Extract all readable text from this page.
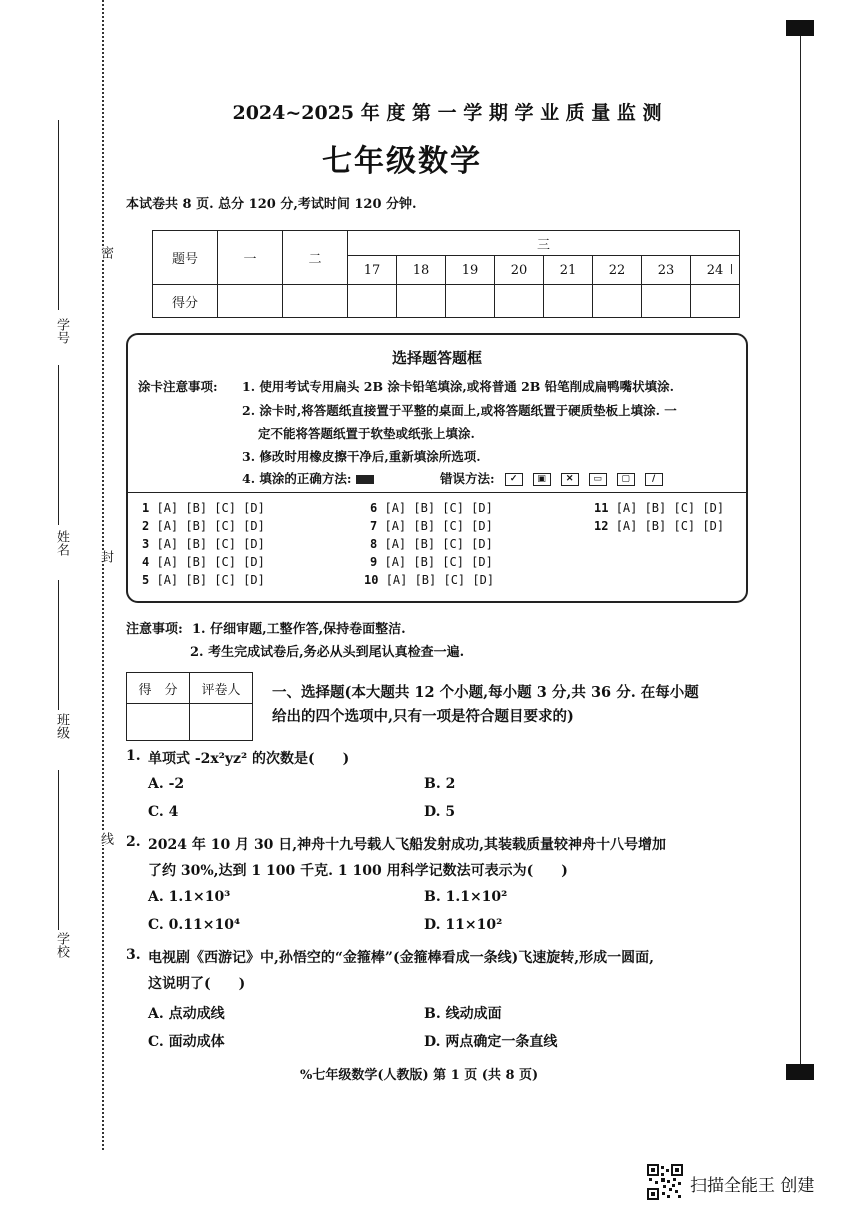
密
封
线
学号
姓名
班级
学校
2024~2025 年 度 第 一 学 期 学 业 质 量 监 测
七年级数学
本试卷共 8 页. 总分 120 分,考试时间 120 分钟.
题号	一	二	三							
			17	18	19	20	21	22	23	24
得分										
选择题答题框
涂卡注意事项: 1. 使用考试专用扁头 2B 涂卡铅笔填涂,或将普通 2B 铅笔削成扁鸭嘴状填涂.
2. 涂卡时,将答题纸直接置于平整的桌面上,或将答题纸置于硬质垫板上填涂. 一
定不能将答题纸置于软垫或纸张上填涂.
3. 修改时用橡皮擦干净后,重新填涂所选项.
4. 填涂的正确方法:	错误方法: ✓ ▣ ✕ ▭ ▢ ∕
1 [A] [B] [C] [D]
2 [A] [B] [C] [D]
3 [A] [B] [C] [D]
4 [A] [B] [C] [D]
5 [A] [B] [C] [D]
6 [A] [B] [C] [D]
7 [A] [B] [C] [D]
8 [A] [B] [C] [D]
9 [A] [B] [C] [D]
10 [A] [B] [C] [D]
11 [A] [B] [C] [D]
12 [A] [B] [C] [D]
注意事项: 1. 仔细审题,工整作答,保持卷面整洁.
2. 考生完成试卷后,务必从头到尾认真检查一遍.
得　分	评卷人
	一、选择题(本大题共 12 个小题,每小题 3 分,共 36 分. 在每小题
给出的四个选项中,只有一项是符合题目要求的)
1. 单项式 -2x²yz² 的次数是(　　)
A. -2	B. 2
C. 4	D. 5
2. 2024 年 10 月 30 日,神舟十九号载人飞船发射成功,其装载质量较神舟十八号增加
了约 30%,达到 1 100 千克. 1 100 用科学记数法可表示为(　　)
A. 1.1×10³	B. 1.1×10²
C. 0.11×10⁴	D. 11×10²
3. 电视剧《西游记》中,孙悟空的“金箍棒”(金箍棒看成一条线)飞速旋转,形成一圆面,
这说明了(　　)
A. 点动成线	B. 线动成面
C. 面动成体	D. 两点确定一条直线
%七年级数学(人教版) 第 1 页 (共 8 页)
扫描全能王 创建
